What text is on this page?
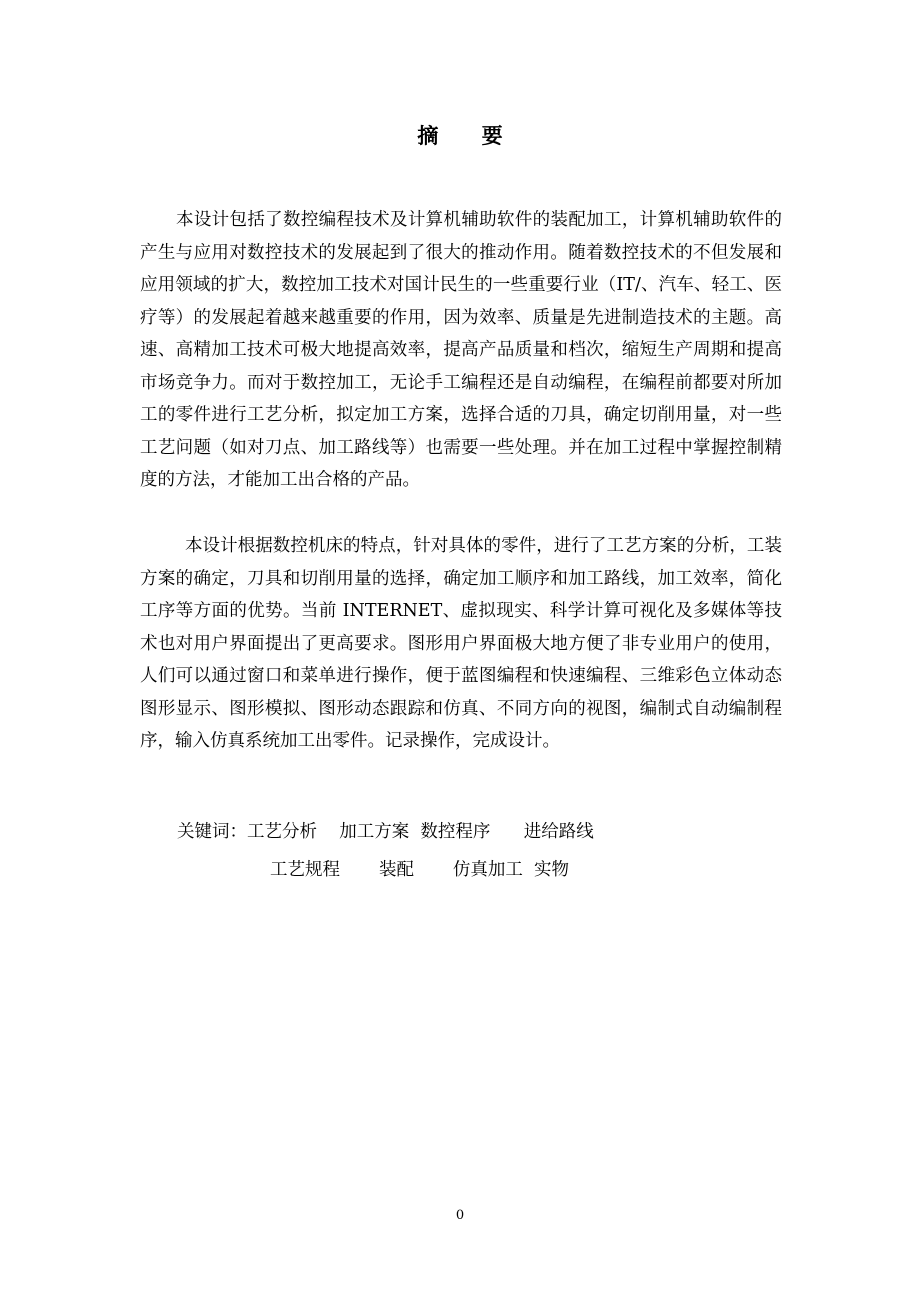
摘 要

本设计包括了数控编程技术及计算机辅助软件的装配加工，计算机辅助软件的产生与应用对数控技术的发展起到了很大的推动作用。随着数控技术的不但发展和应用领域的扩大，数控加工技术对国计民生的一些重要行业（IT/、汽车、轻工、医疗等）的发展起着越来越重要的作用，因为效率、质量是先进制造技术的主题。高速、高精加工技术可极大地提高效率，提高产品质量和档次，缩短生产周期和提高市场竞争力。而对于数控加工，无论手工编程还是自动编程，在编程前都要对所加工的零件进行工艺分析，拟定加工方案，选择合适的刀具，确定切削用量，对一些工艺问题（如对刀点、加工路线等）也需要一些处理。并在加工过程中掌握控制精度的方法，才能加工出合格的产品。

本设计根据数控机床的特点，针对具体的零件，进行了工艺方案的分析，工装方案的确定，刀具和切削用量的选择，确定加工顺序和加工路线，加工效率，简化工序等方面的优势。当前 INTERNET、虚拟现实、科学计算可视化及多媒体等技术也对用户界面提出了更高要求。图形用户界面极大地方便了非专业用户的使用，人们可以通过窗口和菜单进行操作，便于蓝图编程和快速编程、三维彩色立体动态图形显示、图形模拟、图形动态跟踪和仿真、不同方向的视图，编制式自动编制程序，输入仿真系统加工出零件。记录操作，完成设计。

关键词：工艺分析    加工方案  数控程序      进给路线
工艺规程       装配       仿真加工  实物
0
